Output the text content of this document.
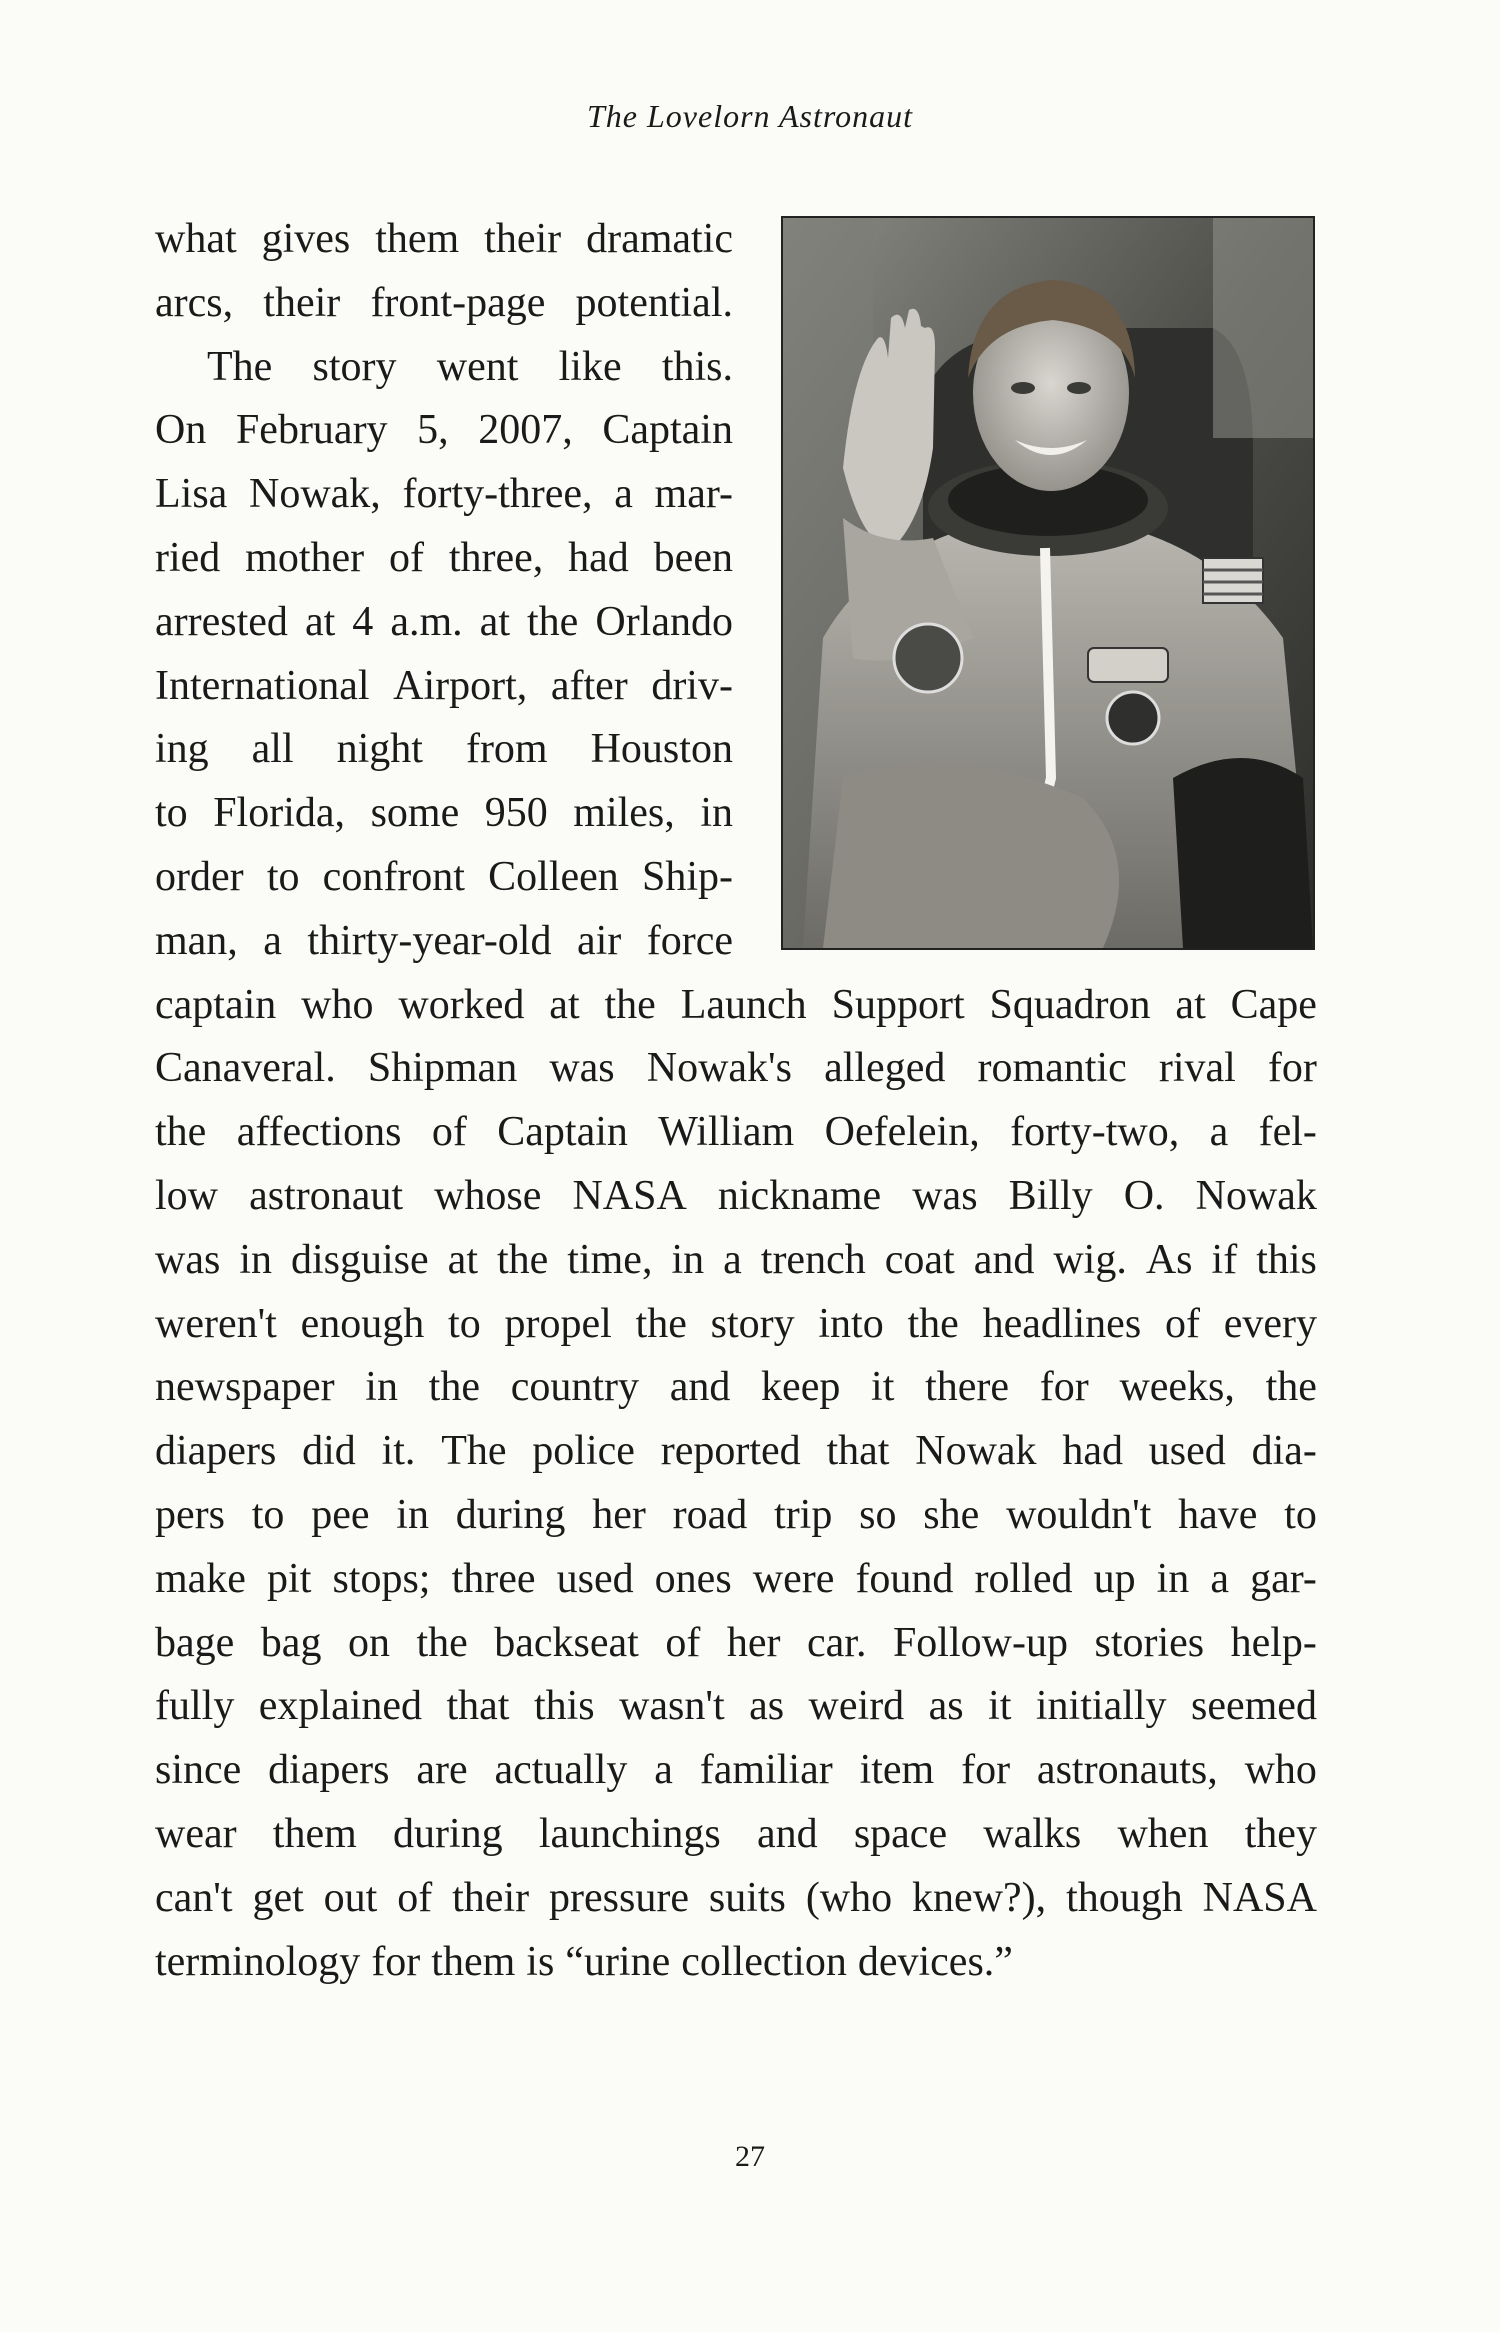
The Lovelorn Astronaut
what gives them their dramatic
arcs, their front-page potential.
The story went like this.
On February 5, 2007, Captain
Lisa Nowak, forty-three, a mar-
ried mother of three, had been
arrested at 4 a.m. at the Orlando
International Airport, after driv-
ing all night from Houston
to Florida, some 950 miles, in
order to confront Colleen Ship-
man, a thirty-year-old air force
captain who worked at the Launch Support Squadron at Cape
Canaveral. Shipman was Nowak's alleged romantic rival for
the affections of Captain William Oefelein, forty-two, a fel-
low astronaut whose NASA nickname was Billy O. Nowak
was in disguise at the time, in a trench coat and wig. As if this
weren't enough to propel the story into the headlines of every
newspaper in the country and keep it there for weeks, the
diapers did it. The police reported that Nowak had used dia-
pers to pee in during her road trip so she wouldn't have to
make pit stops; three used ones were found rolled up in a gar-
bage bag on the backseat of her car. Follow-up stories help-
fully explained that this wasn't as weird as it initially seemed
since diapers are actually a familiar item for astronauts, who
wear them during launchings and space walks when they
can't get out of their pressure suits (who knew?), though NASA
terminology for them is “urine collection devices.”
27
